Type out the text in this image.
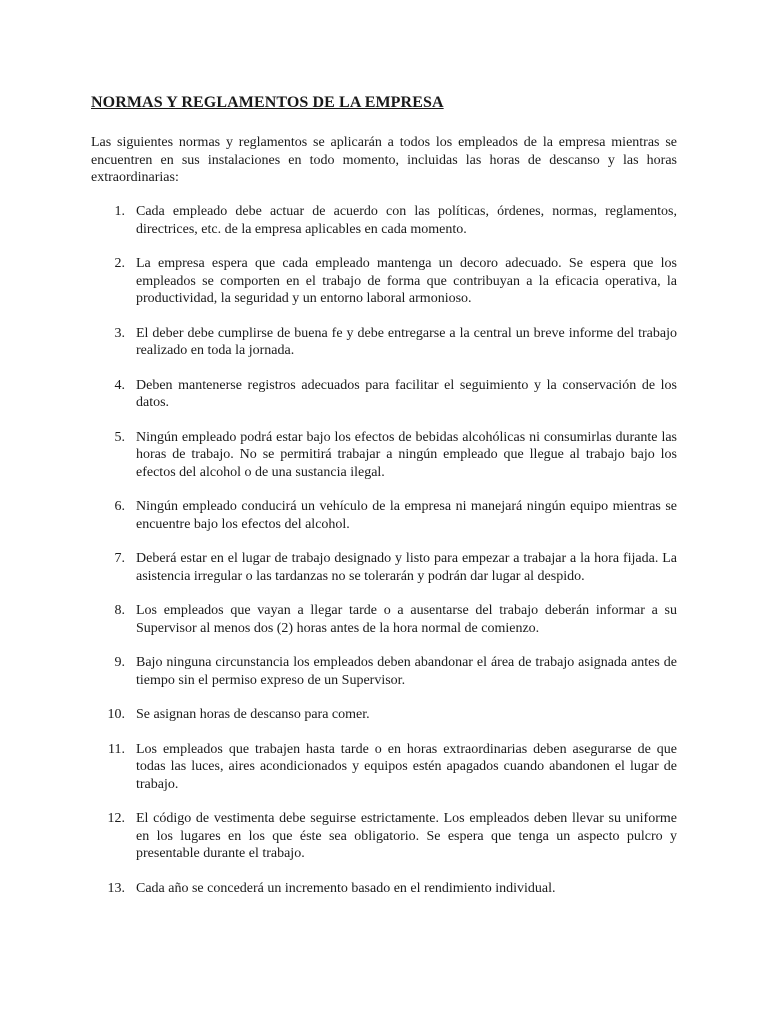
NORMAS Y REGLAMENTOS DE LA EMPRESA

Las siguientes normas y reglamentos se aplicarán a todos los empleados de la empresa mientras se encuentren en sus instalaciones en todo momento, incluidas las horas de descanso y las horas extraordinarias:

1. Cada empleado debe actuar de acuerdo con las políticas, órdenes, normas, reglamentos, directrices, etc. de la empresa aplicables en cada momento.
2. La empresa espera que cada empleado mantenga un decoro adecuado. Se espera que los empleados se comporten en el trabajo de forma que contribuyan a la eficacia operativa, la productividad, la seguridad y un entorno laboral armonioso.
3. El deber debe cumplirse de buena fe y debe entregarse a la central un breve informe del trabajo realizado en toda la jornada.
4. Deben mantenerse registros adecuados para facilitar el seguimiento y la conservación de los datos.
5. Ningún empleado podrá estar bajo los efectos de bebidas alcohólicas ni consumirlas durante las horas de trabajo. No se permitirá trabajar a ningún empleado que llegue al trabajo bajo los efectos del alcohol o de una sustancia ilegal.
6. Ningún empleado conducirá un vehículo de la empresa ni manejará ningún equipo mientras se encuentre bajo los efectos del alcohol.
7. Deberá estar en el lugar de trabajo designado y listo para empezar a trabajar a la hora fijada. La asistencia irregular o las tardanzas no se tolerarán y podrán dar lugar al despido.
8. Los empleados que vayan a llegar tarde o a ausentarse del trabajo deberán informar a su Supervisor al menos dos (2) horas antes de la hora normal de comienzo.
9. Bajo ninguna circunstancia los empleados deben abandonar el área de trabajo asignada antes de tiempo sin el permiso expreso de un Supervisor.
10. Se asignan horas de descanso para comer.
11. Los empleados que trabajen hasta tarde o en horas extraordinarias deben asegurarse de que todas las luces, aires acondicionados y equipos estén apagados cuando abandonen el lugar de trabajo.
12. El código de vestimenta debe seguirse estrictamente. Los empleados deben llevar su uniforme en los lugares en los que éste sea obligatorio. Se espera que tenga un aspecto pulcro y presentable durante el trabajo.
13. Cada año se concederá un incremento basado en el rendimiento individual.
